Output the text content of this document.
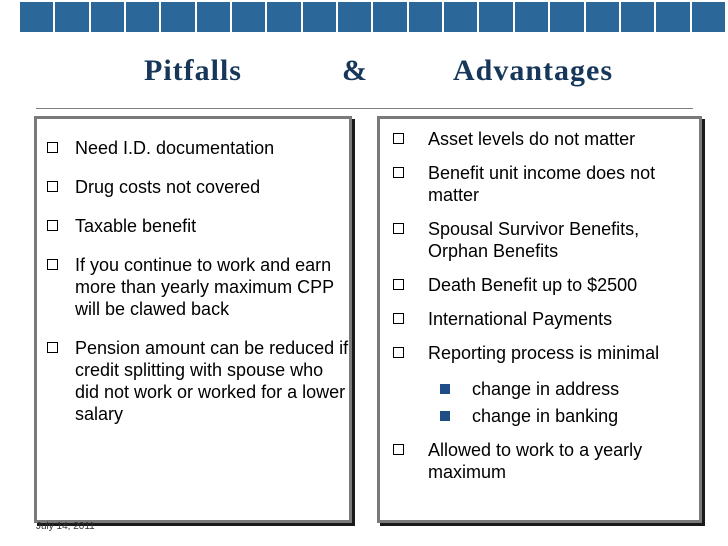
Pitfalls	&	Advantages
Need I.D. documentation
Drug costs not covered
Taxable benefit
If you continue to work and earn more than yearly maximum CPP will be clawed back
Pension amount can be reduced if credit splitting with spouse who did not work or worked for a lower salary
Asset levels do not matter
Benefit unit income does not matter
Spousal Survivor Benefits, Orphan Benefits
Death Benefit up to $2500
International Payments
Reporting process is minimal
change in address
change in banking
Allowed to work to a yearly maximum
July 14, 2011
